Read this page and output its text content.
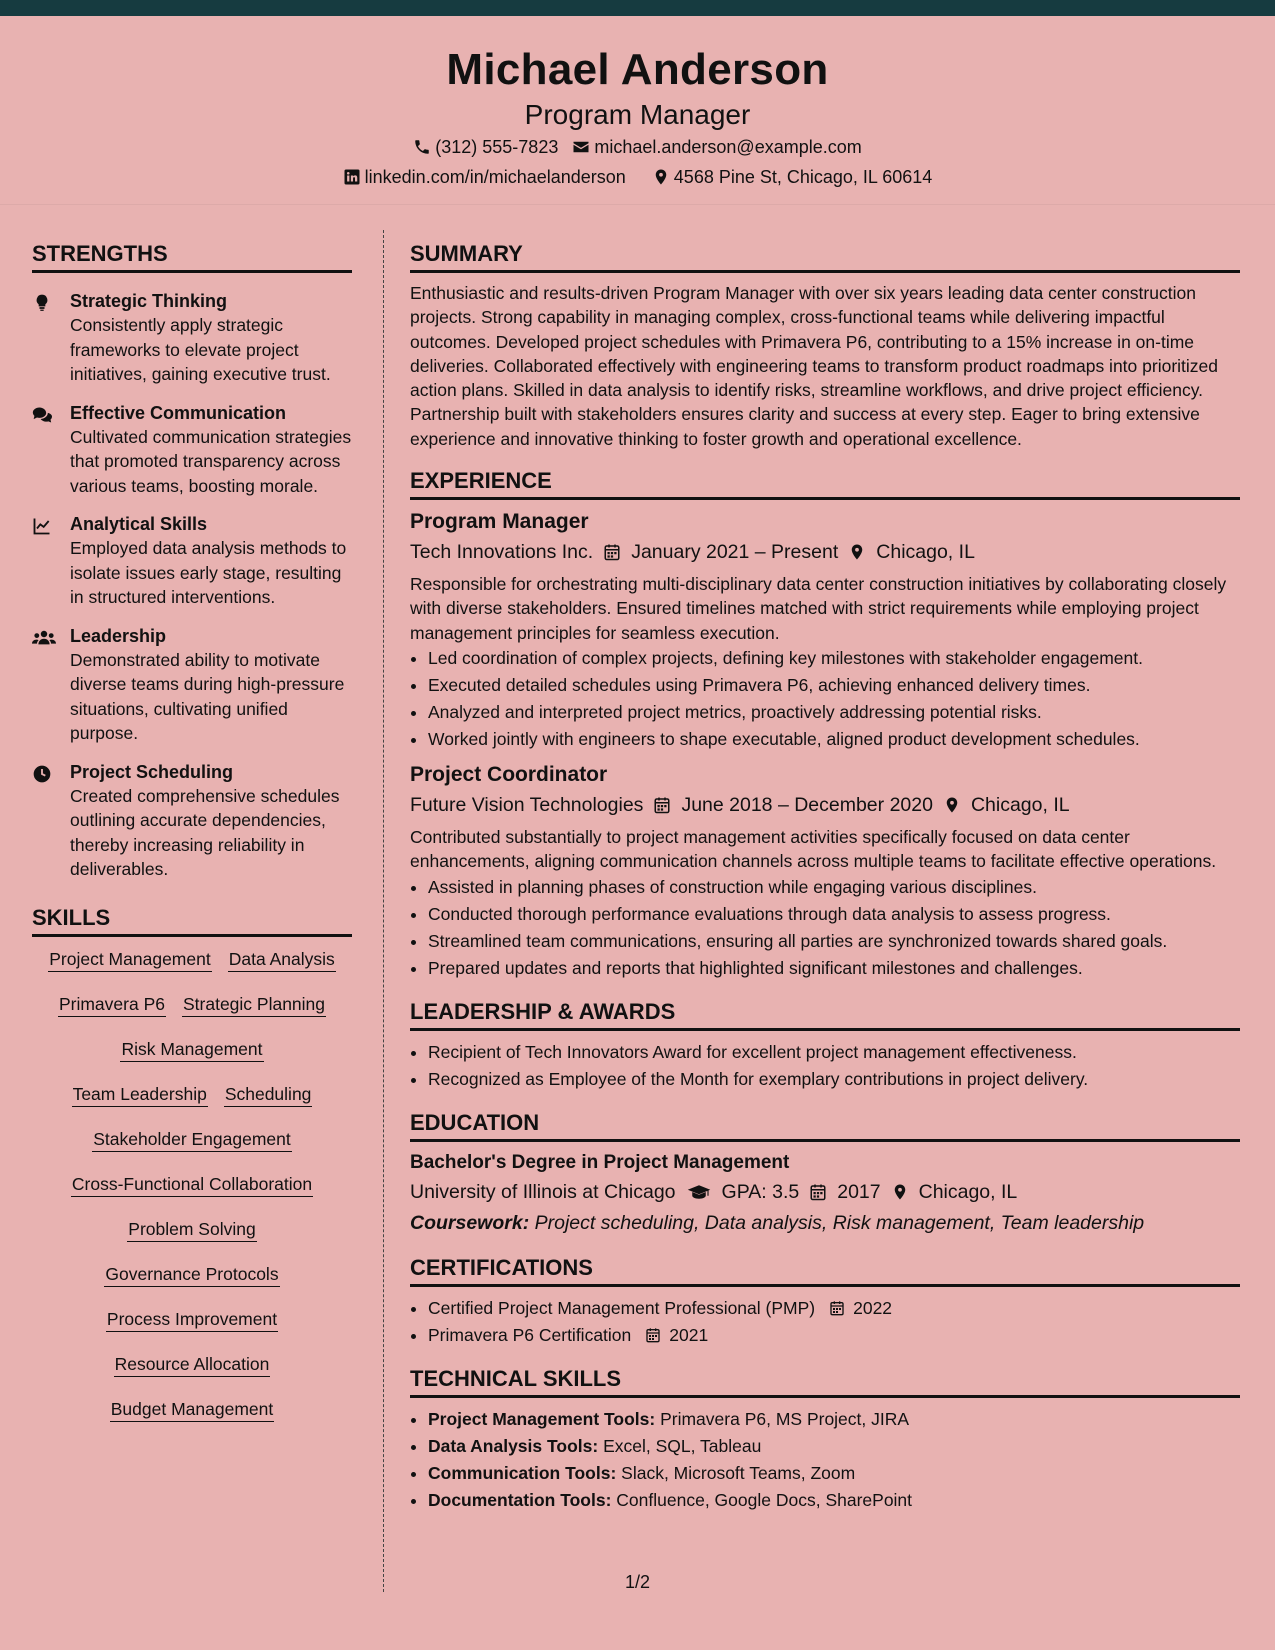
Michael Anderson
Program Manager
(312) 555-7823 michael.anderson@example.com
linkedin.com/in/michaelanderson	4568 Pine St, Chicago, IL 60614
STRENGTHS
Strategic Thinking
Consistently apply strategic frameworks to elevate project initiatives, gaining executive trust.
Effective Communication
Cultivated communication strategies that promoted transparency across various teams, boosting morale.
Analytical Skills
Employed data analysis methods to isolate issues early stage, resulting in structured interventions.
Leadership
Demonstrated ability to motivate diverse teams during high-pressure situations, cultivating unified purpose.
Project Scheduling
Created comprehensive schedules outlining accurate dependencies, thereby increasing reliability in deliverables.
SKILLS
Project Management Data Analysis
Primavera P6 Strategic Planning
Risk Management
Team Leadership Scheduling
Stakeholder Engagement
Cross-Functional Collaboration
Problem Solving
Governance Protocols
Process Improvement
Resource Allocation
Budget Management
SUMMARY

Enthusiastic and results-driven Program Manager with over six years leading data center construction projects. Strong capability in managing complex, cross-functional teams while delivering impactful outcomes. Developed project schedules with Primavera P6, contributing to a 15% increase in on-time deliveries. Collaborated effectively with engineering teams to transform product roadmaps into prioritized action plans. Skilled in data analysis to identify risks, streamline workflows, and drive project efficiency. Partnership built with stakeholders ensures clarity and success at every step. Eager to bring extensive experience and innovative thinking to foster growth and operational excellence.

EXPERIENCE
Program Manager
Tech Innovations Inc. January 2021 – Present Chicago, IL

Responsible for orchestrating multi-disciplinary data center construction initiatives by collaborating closely with diverse stakeholders. Ensured timelines matched with strict requirements while employing project management principles for seamless execution.

• Led coordination of complex projects, defining key milestones with stakeholder engagement.
• Executed detailed schedules using Primavera P6, achieving enhanced delivery times.
• Analyzed and interpreted project metrics, proactively addressing potential risks.
• Worked jointly with engineers to shape executable, aligned product development schedules.
Project Coordinator
Future Vision Technologies June 2018 – December 2020 Chicago, IL

Contributed substantially to project management activities specifically focused on data center enhancements, aligning communication channels across multiple teams to facilitate effective operations.

• Assisted in planning phases of construction while engaging various disciplines.
• Conducted thorough performance evaluations through data analysis to assess progress.
• Streamlined team communications, ensuring all parties are synchronized towards shared goals.
• Prepared updates and reports that highlighted significant milestones and challenges.
LEADERSHIP & AWARDS
• Recipient of Tech Innovators Award for excellent project management effectiveness.
• Recognized as Employee of the Month for exemplary contributions in project delivery.
EDUCATION
Bachelor's Degree in Project Management
University of Illinois at Chicago GPA: 3.5 2017 Chicago, IL
Coursework: Project scheduling, Data analysis, Risk management, Team leadership
CERTIFICATIONS
• Certified Project Management Professional (PMP) 2022
• Primavera P6 Certification 2021
TECHNICAL SKILLS
• Project Management Tools: Primavera P6, MS Project, JIRA
• Data Analysis Tools: Excel, SQL, Tableau
• Communication Tools: Slack, Microsoft Teams, Zoom
• Documentation Tools: Confluence, Google Docs, SharePoint
1/2
